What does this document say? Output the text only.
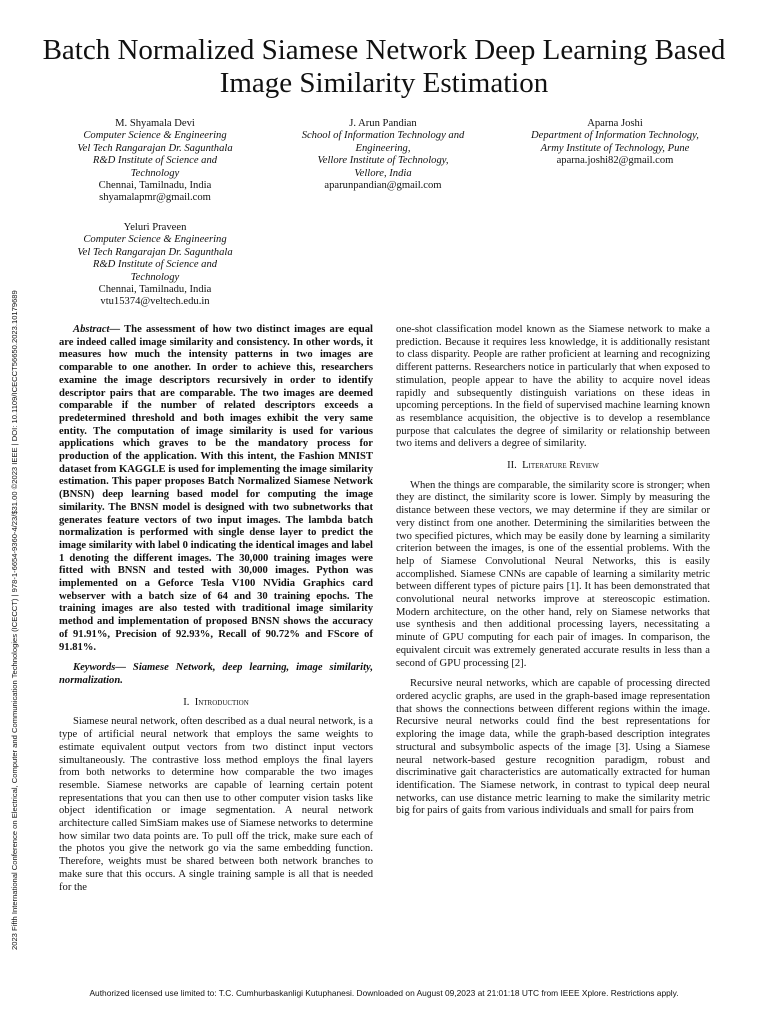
Batch Normalized Siamese Network Deep Learning Based Image Similarity Estimation
M. Shyamala Devi
Computer Science & Engineering
Vel Tech Rangarajan Dr. Sagunthala
R&D Institute of Science and
Technology
Chennai, Tamilnadu, India
shyamalapmr@gmail.com
J. Arun Pandian
School of Information Technology and
Engineering,
Vellore Institute of Technology,
Vellore, India
aparunpandian@gmail.com
Aparna Joshi
Department of Information Technology,
Army Institute of Technology, Pune
aparna.joshi82@gmail.com
Yeluri Praveen
Computer Science & Engineering
Vel Tech Rangarajan Dr. Sagunthala
R&D Institute of Science and
Technology
Chennai, Tamilnadu, India
vtu15374@veltech.edu.in

Abstract— The assessment of how two distinct images are equal are indeed called image similarity and consistency. In other words, it measures how much the intensity patterns in two images are comparable to one another. In order to achieve this, researchers examine the image descriptors recursively in order to identify descriptor pairs that are comparable. The two images are deemed comparable if the number of related descriptors exceeds a predetermined threshold and both images exhibit the very same entity. The computation of image similarity is used for various applications which graves to be the mandatory process for production of the application. With this intent, the Fashion MNIST dataset from KAGGLE is used for implementing the image similarity estimation. This paper proposes Batch Normalized Siamese Network (BNSN) deep learning based model for computing the image similarity. The BNSN model is designed with two subnetworks that generates feature vectors of two input images. The lambda batch normalization is performed with single dense layer to predict the image similarity with label 0 indicating the identical images and label 1 denoting the different images. The 30,000 training images were fitted with BNSN and tested with 30,000 images. Python was implemented on a Geforce Tesla V100 NVidia Graphics card webserver with a batch size of 64 and 30 training epochs. The training images are also tested with traditional image similarity method and implementation of proposed BNSN shows the accuracy of 91.91%, Precision of 92.93%, Recall of 90.72% and FScore of 91.81%.

Keywords— Siamese Network, deep learning, image similarity, normalization.

I. Introduction

Siamese neural network, often described as a dual neural network, is a type of artificial neural network that employs the same weights to estimate equivalent output vectors from two distinct input vectors simultaneously. The contrastive loss method employs the final layers from both networks to determine how comparable the two images resemble. Siamese networks are capable of learning certain potent representations that you can then use to other computer vision tasks like object identification or image segmentation. A neural network architecture called SimSiam makes use of Siamese networks to determine how similar two data points are. To pull off the trick, make sure each of the photos you give the network go via the same embedding function. Therefore, weights must be shared between both network branches to make sure that this occurs. A single training sample is all that is needed for the

one-shot classification model known as the Siamese network to make a prediction. Because it requires less knowledge, it is additionally resistant to class disparity. People are rather proficient at learning and recognizing different patterns. Researchers notice in particularly that when exposed to stimulation, people appear to have the ability to acquire novel ideas rapidly and subsequently distinguish variations on these ideas in upcoming perceptions. In the field of supervised machine learning known as resemblance acquisition, the objective is to develop a resemblance purpose that calculates the degree of similarity or relationship between two items and delivers a degree of similarity.

II. Literature Review

When the things are comparable, the similarity score is stronger; when they are distinct, the similarity score is lower. Simply by measuring the distance between these vectors, we may determine if they are similar or very distinct from one another. Determining the similarities between the two specified pictures, which may be easily done by learning a similarity criterion between the images, is one of the essential problems. With the help of Siamese Convolutional Neural Networks, this is easily accomplished. Siamese CNNs are capable of learning a similarity metric between different types of picture pairs [1]. It has been demonstrated that convolutional neural networks improve at stereoscopic estimation. Modern architecture, on the other hand, rely on Siamese networks that use synthesis and then additional processing layers, necessitating a minute of GPU computing for each pair of images. In comparison, the equivalent circuit was extremely generated accurate results in less than a second of GPU processing [2].

Recursive neural networks, which are capable of processing directed ordered acyclic graphs, are used in the graph-based image representation that shows the connections between different regions within the image. Recursive neural networks could find the best representations for exploring the image data, while the graph-based description integrates structural and subsymbolic aspects of the image [3]. Using a Siamese neural network-based gesture recognition paradigm, robust and discriminative gait characteristics are automatically extracted for human identification. The Siamese network, in contrast to typical deep neural networks, can use distance metric learning to make the similarity metric big for pairs of gaits from various individuals and small for pairs from

2023 Fifth International Conference on Electrical, Computer and Communication Technologies (ICECCT) | 978-1-6654-9360-4/23/$31.00 ©2023 IEEE | DOI: 10.1109/ICECCT56650.2023.10179689
Authorized licensed use limited to: T.C. Cumhurbaskanligi Kutuphanesi. Downloaded on August 09,2023 at 21:01:18 UTC from IEEE Xplore. Restrictions apply.
